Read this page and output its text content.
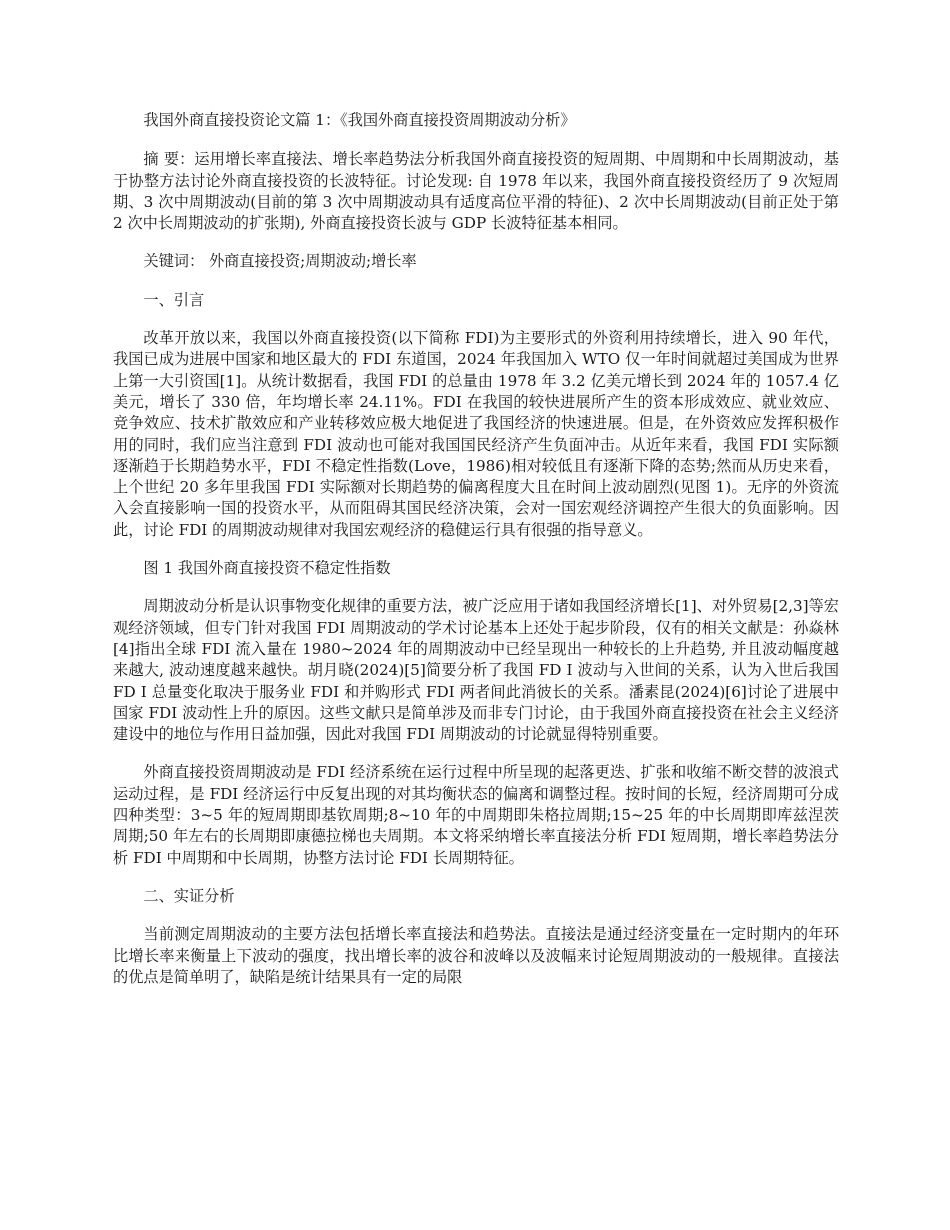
我国外商直接投资论文篇 1：《我国外商直接投资周期波动分析》

摘 要：运用增长率直接法、增长率趋势法分析我国外商直接投资的短周期、中周期和中长周期波动，基于协整方法讨论外商直接投资的长波特征。讨论发现: 自 1978 年以来，我国外商直接投资经历了 9 次短周期、3 次中周期波动(目前的第 3 次中周期波动具有适度高位平滑的特征)、2 次中长周期波动(目前正处于第 2 次中长周期波动的扩张期), 外商直接投资长波与 GDP 长波特征基本相同。

关键词： 外商直接投资;周期波动;增长率

一、引言

改革开放以来，我国以外商直接投资(以下简称 FDI)为主要形式的外资利用持续增长，进入 90 年代，我国已成为进展中国家和地区最大的 FDI 东道国，2024 年我国加入 WTO 仅一年时间就超过美国成为世界上第一大引资国[1]。从统计数据看，我国 FDI 的总量由 1978 年 3.2 亿美元增长到 2024 年的 1057.4 亿美元，增长了 330 倍，年均增长率 24.11%。FDI 在我国的较快进展所产生的资本形成效应、就业效应、竞争效应、技术扩散效应和产业转移效应极大地促进了我国经济的快速进展。但是，在外资效应发挥积极作用的同时，我们应当注意到 FDI 波动也可能对我国国民经济产生负面冲击。从近年来看，我国 FDI 实际额逐渐趋于长期趋势水平，FDI 不稳定性指数(Love，1986)相对较低且有逐渐下降的态势;然而从历史来看，上个世纪 20 多年里我国 FDI 实际额对长期趋势的偏离程度大且在时间上波动剧烈(见图 1)。无序的外资流入会直接影响一国的投资水平，从而阻碍其国民经济决策，会对一国宏观经济调控产生很大的负面影响。因此，讨论 FDI 的周期波动规律对我国宏观经济的稳健运行具有很强的指导意义。

图 1 我国外商直接投资不稳定性指数

周期波动分析是认识事物变化规律的重要方法，被广泛应用于诸如我国经济增长[1]、对外贸易[2,3]等宏观经济领域，但专门针对我国 FDI 周期波动的学术讨论基本上还处于起步阶段，仅有的相关文献是：孙焱林[4]指出全球 FDI 流入量在 1980~2024 年的周期波动中已经呈现出一种较长的上升趋势, 并且波动幅度越来越大, 波动速度越来越快。胡月晓(2024)[5]简要分析了我国 FD I 波动与入世间的关系，认为入世后我国 FD I 总量变化取决于服务业 FDI 和并购形式 FDI 两者间此消彼长的关系。潘素昆(2024)[6]讨论了进展中国家 FDI 波动性上升的原因。这些文献只是简单涉及而非专门讨论，由于我国外商直接投资在社会主义经济建设中的地位与作用日益加强，因此对我国 FDI 周期波动的讨论就显得特别重要。

外商直接投资周期波动是 FDI 经济系统在运行过程中所呈现的起落更迭、扩张和收缩不断交替的波浪式运动过程，是 FDI 经济运行中反复出现的对其均衡状态的偏离和调整过程。按时间的长短，经济周期可分成四种类型：3~5 年的短周期即基钦周期;8~10 年的中周期即朱格拉周期;15~25 年的中长周期即库兹涅茨周期;50 年左右的长周期即康德拉梯也夫周期。本文将采纳增长率直接法分析 FDI 短周期，增长率趋势法分析 FDI 中周期和中长周期，协整方法讨论 FDI 长周期特征。

二、实证分析

当前测定周期波动的主要方法包括增长率直接法和趋势法。直接法是通过经济变量在一定时期内的年环比增长率来衡量上下波动的强度，找出增长率的波谷和波峰以及波幅来讨论短周期波动的一般规律。直接法的优点是简单明了，缺陷是统计结果具有一定的局限
